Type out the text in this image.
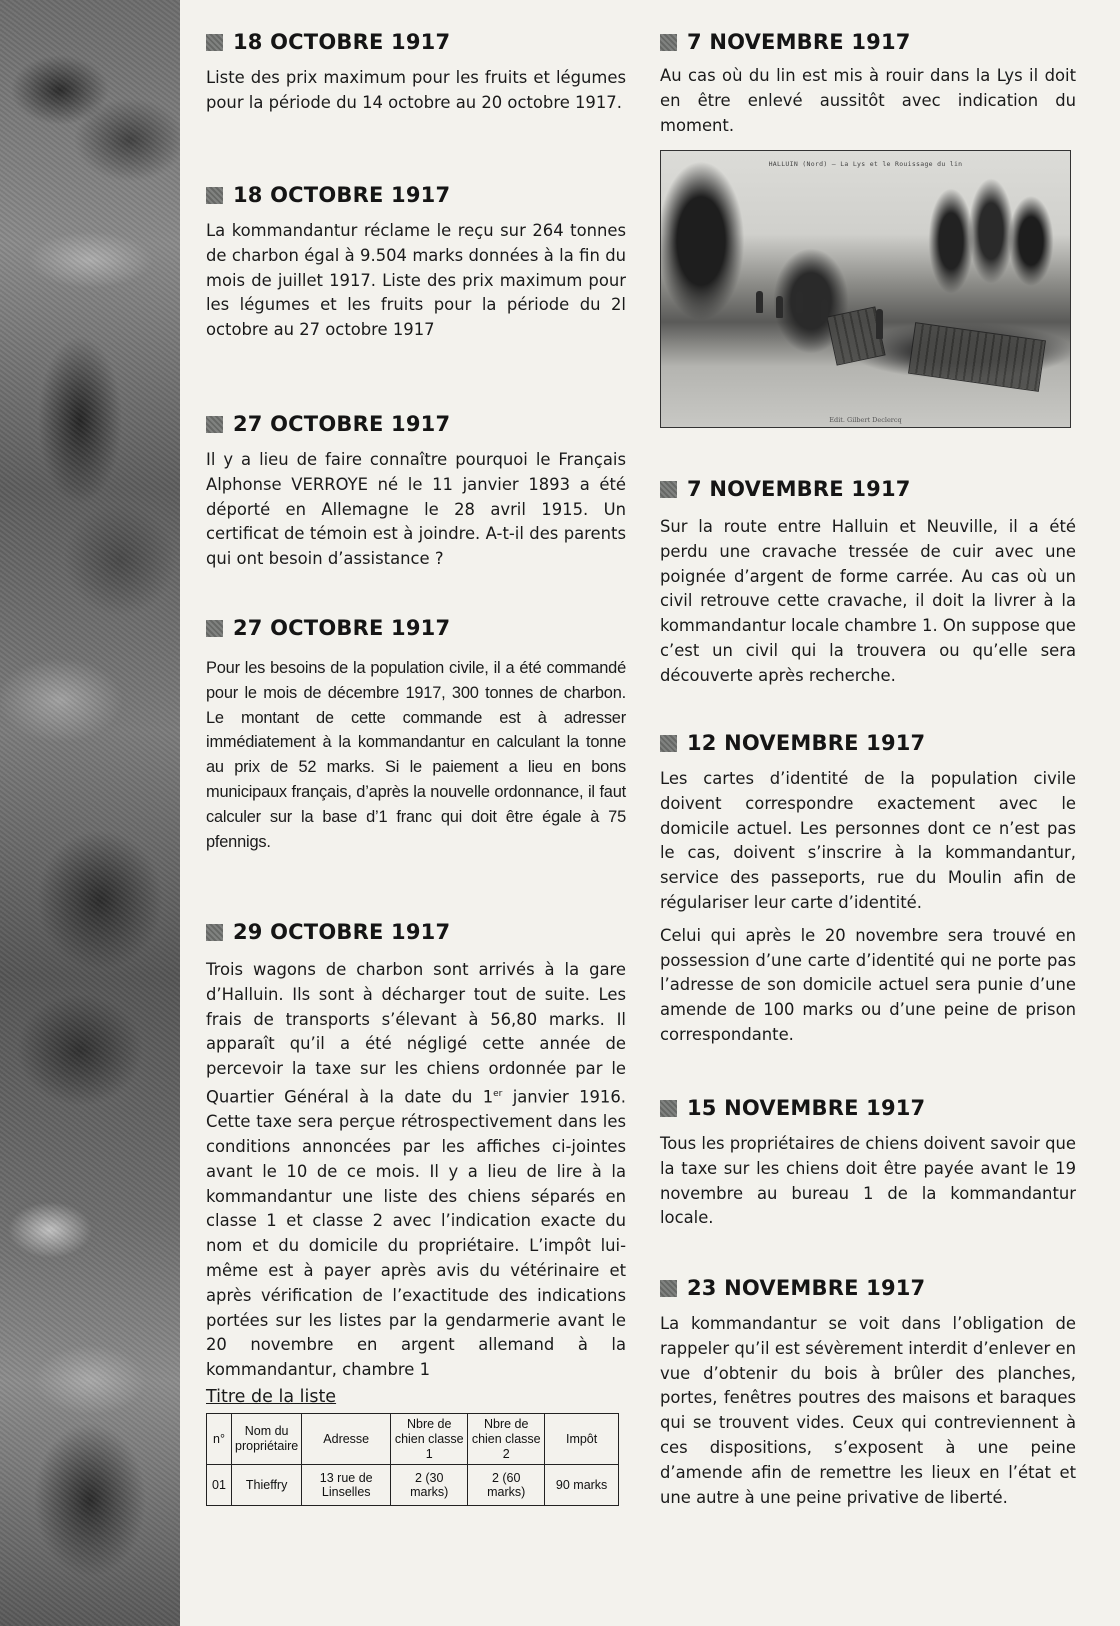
18 OCTOBRE 1917
Liste des prix maximum pour les fruits et légumes pour la période du 14 octobre au 20 octobre 1917.
18 OCTOBRE 1917
La kommandantur réclame le reçu sur 264 tonnes de charbon égal à 9.504 marks données à la fin du mois de juillet 1917. Liste des prix maximum pour les légumes et les fruits pour la période du 2l octobre au 27 octobre 1917
27 OCTOBRE 1917
Il y a lieu de faire connaître pourquoi le Français Alphonse VERROYE né le 11 janvier 1893 a été déporté en Allemagne le 28 avril 1915. Un certificat de témoin est à joindre. A-t-il des parents qui ont besoin d’assistance ?
27 OCTOBRE 1917
Pour les besoins de la population civile, il a été commandé pour le mois de décembre 1917, 300 tonnes de charbon. Le montant de cette commande est à adresser immédiatement à la kommandantur en calculant la tonne au prix de 52 marks. Si le paiement a lieu en bons municipaux français, d’après la nouvelle ordonnance, il faut calculer sur la base d’1 franc qui doit être égale à 75 pfennigs.
29 OCTOBRE 1917
Trois wagons de charbon sont arrivés à la gare d’Halluin. Ils sont à décharger tout de suite. Les frais de transports s’élevant à 56,80 marks. Il apparaît qu’il a été négligé cette année de percevoir la taxe sur les chiens ordonnée par le Quartier Général à la date du 1er janvier 1916. Cette taxe sera perçue rétrospectivement dans les conditions annoncées par les affiches ci-jointes avant le 10 de ce mois. Il y a lieu de lire à la kommandantur une liste des chiens séparés en classe 1 et classe 2 avec l’indication exacte du nom et du domicile du propriétaire. L’impôt lui-même est à payer après avis du vétérinaire et après vérification de l’exactitude des indications portées sur les listes par la gendarmerie avant le 20 novembre en argent allemand à la kommandantur, chambre 1
Titre de la liste
n°	Nom du propriétaire	Adresse	Nbre de chien classe 1	Nbre de chien classe 2	Impôt
01	Thieffry	13 rue de Linselles	2 (30 marks)	2 (60 marks)	90 marks
7 NOVEMBRE 1917
Au cas où du lin est mis à rouir dans la Lys il doit en être enlevé aussitôt avec indication du moment.
HALLUIN (Nord) — La Lys et le Rouissage du lin
Edit. Gilbert Declercq
7 NOVEMBRE 1917
Sur la route entre Halluin et Neuville, il a été perdu une cravache tressée de cuir avec une poignée d’argent de forme carrée. Au cas où un civil retrouve cette cravache, il doit la livrer à la kommandantur locale chambre 1. On suppose que c’est un civil qui la trouvera ou qu’elle sera découverte après recherche.
12 NOVEMBRE 1917

Les cartes d’identité de la population civile doivent correspondre exactement avec le domicile actuel. Les personnes dont ce n’est pas le cas, doivent s’inscrire à la kommandantur, service des passeports, rue du Moulin afin de régulariser leur carte d’identité.

Celui qui après le 20 novembre sera trouvé en possession d’une carte d’identité qui ne porte pas l’adresse de son domicile actuel sera punie d’une amende de 100 marks ou d’une peine de prison correspondante.

15 NOVEMBRE 1917
Tous les propriétaires de chiens doivent savoir que la taxe sur les chiens doit être payée avant le 19 novembre au bureau 1 de la kommandantur locale.
23 NOVEMBRE 1917
La kommandantur se voit dans l’obligation de rappeler qu’il est sévèrement interdit d’enlever en vue d’obtenir du bois à brûler des planches, portes, fenêtres poutres des maisons et baraques qui se trouvent vides. Ceux qui contreviennent à ces dispositions, s’exposent à une peine d’amende afin de remettre les lieux en l’état et une autre à une peine privative de liberté.
